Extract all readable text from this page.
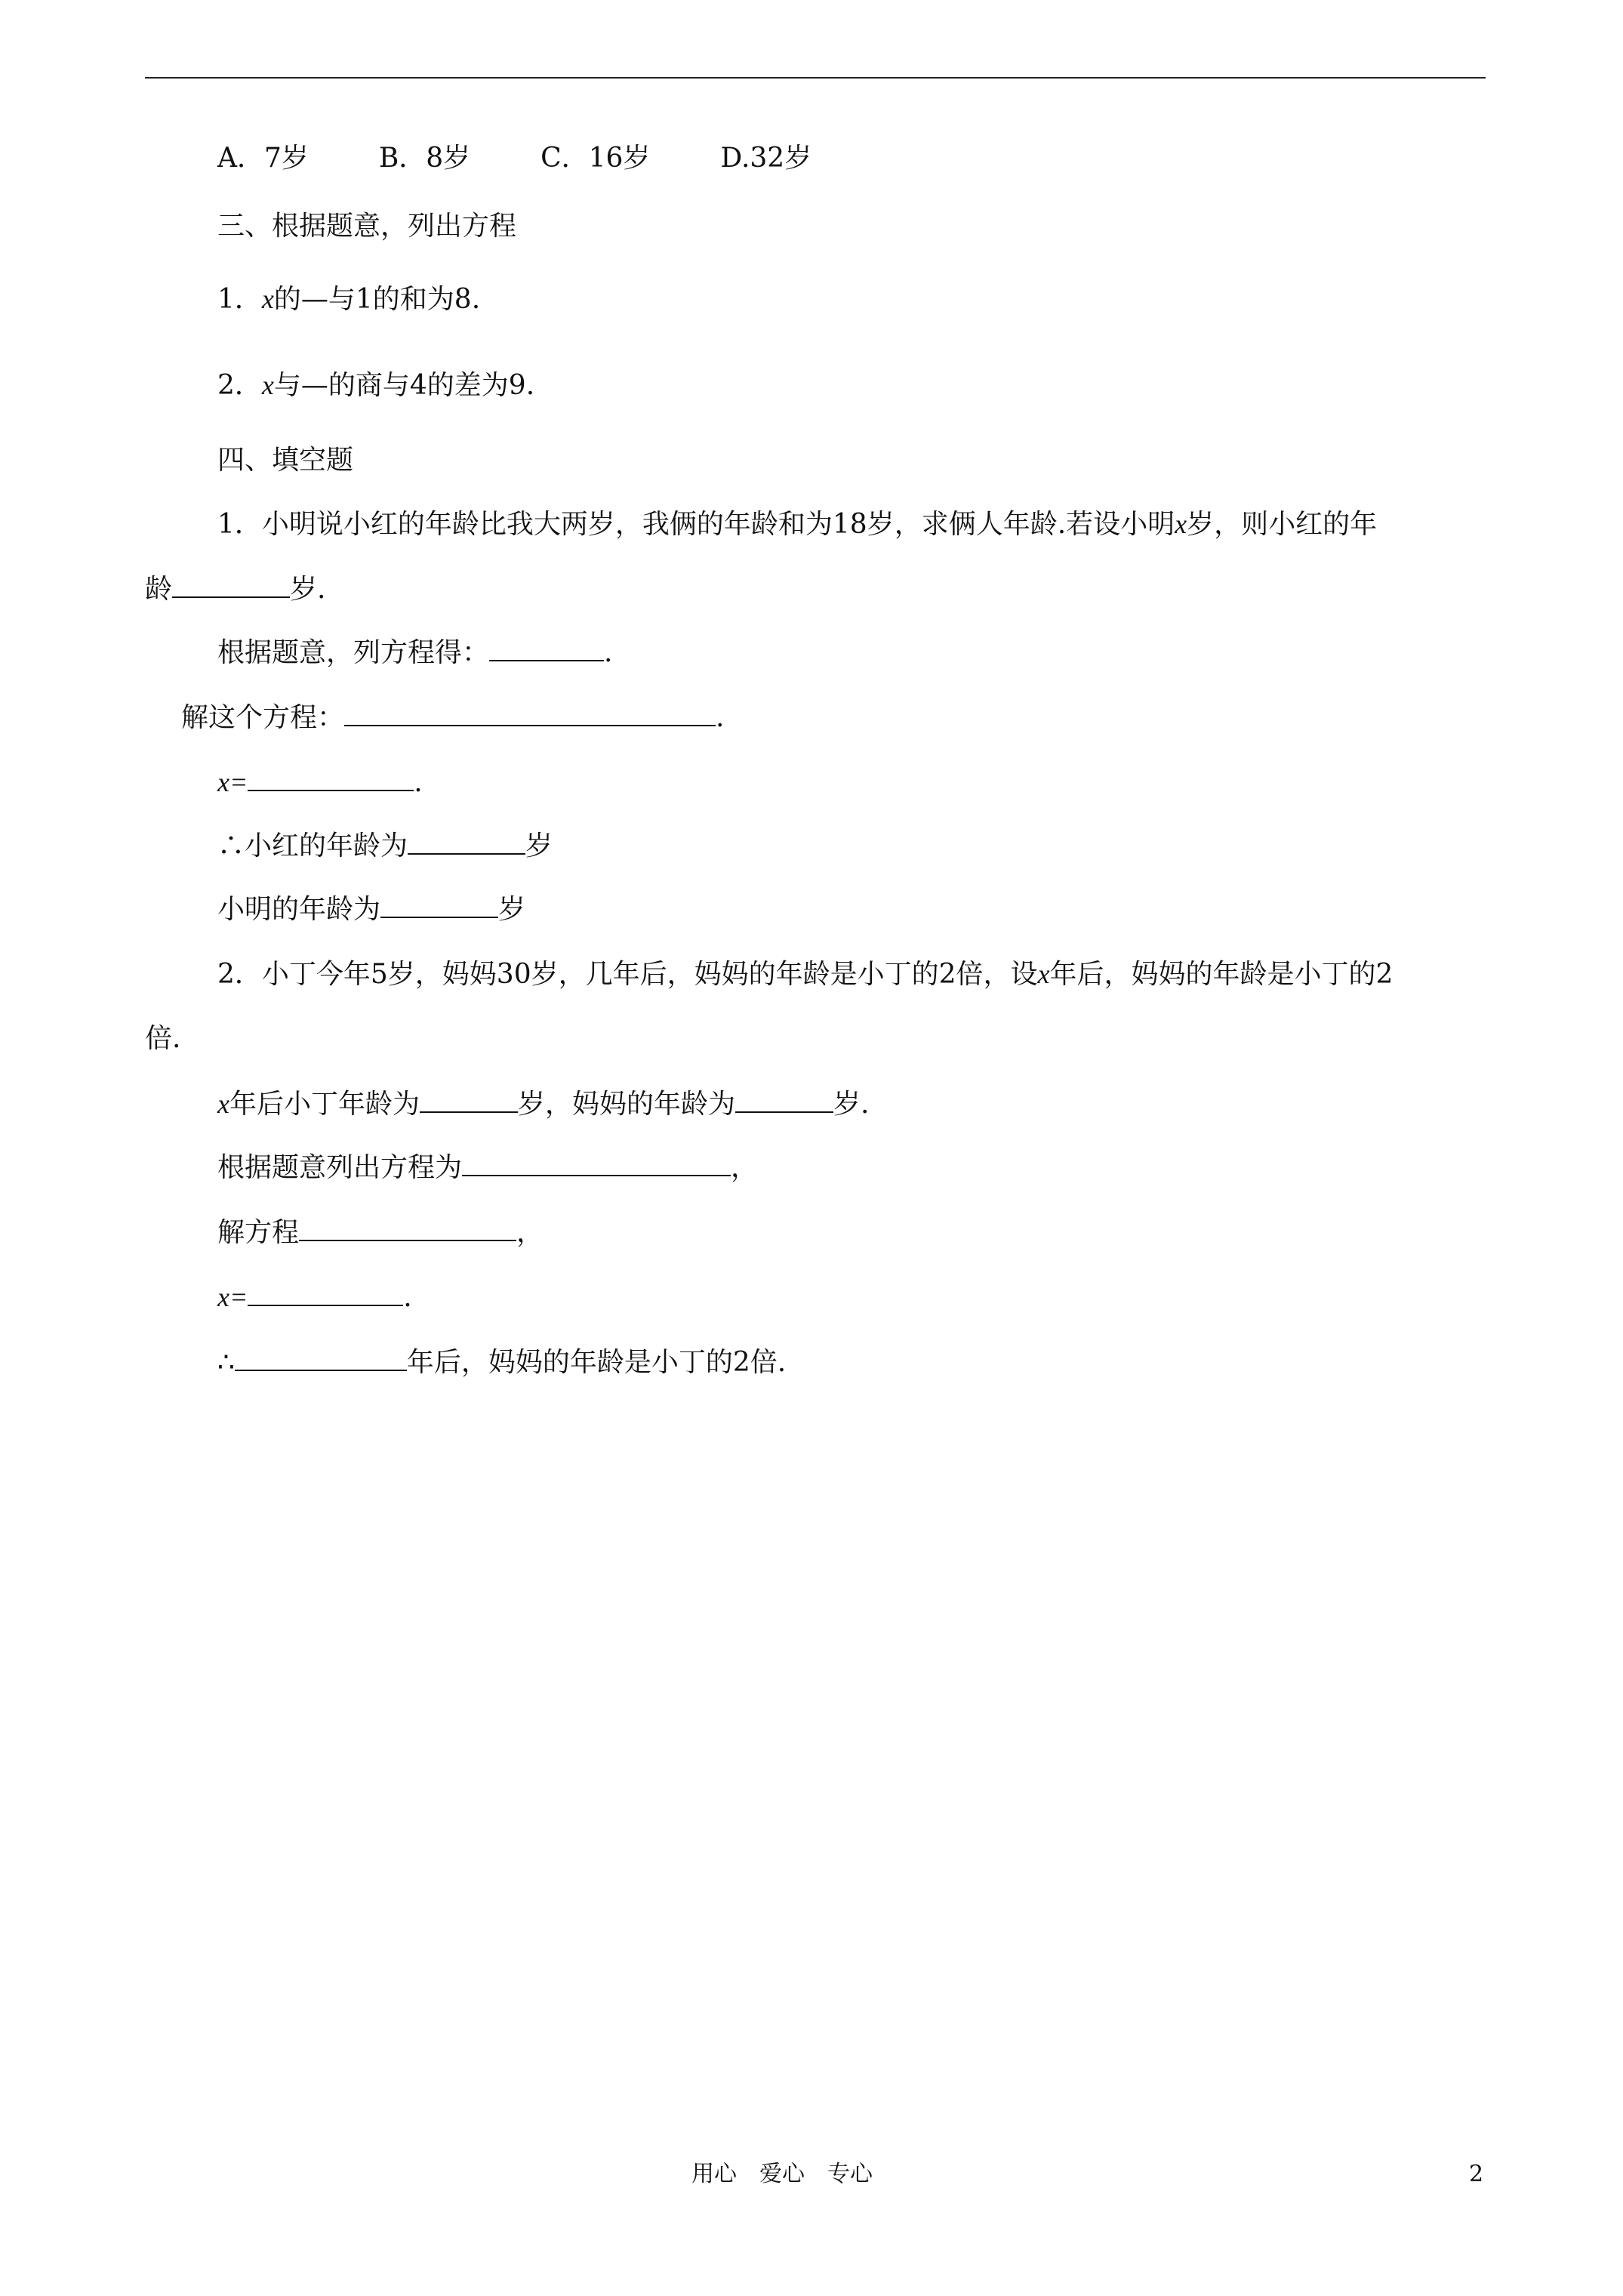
A．7岁	B．8岁	C．16岁	D.32岁
三、根据题意，列出方程
1．x的—与1的和为8.
2．x与—的商与4的差为9.
四、填空题
1．小明说小红的年龄比我大两岁，我俩的年龄和为18岁，求俩人年龄.若设小明x岁，则小红的年
龄	岁.
根据题意，列方程得：	.
解这个方程：	.
x=	.
∴小红的年龄为	岁
小明的年龄为	岁
2．小丁今年5岁，妈妈30岁，几年后，妈妈的年龄是小丁的2倍，设x年后，妈妈的年龄是小丁的2
倍.
x年后小丁年龄为	岁，妈妈的年龄为	岁.
根据题意列出方程为	，
解方程	，
x=	.
∴	年后，妈妈的年龄是小丁的2倍.
用心　爱心　专心	2
